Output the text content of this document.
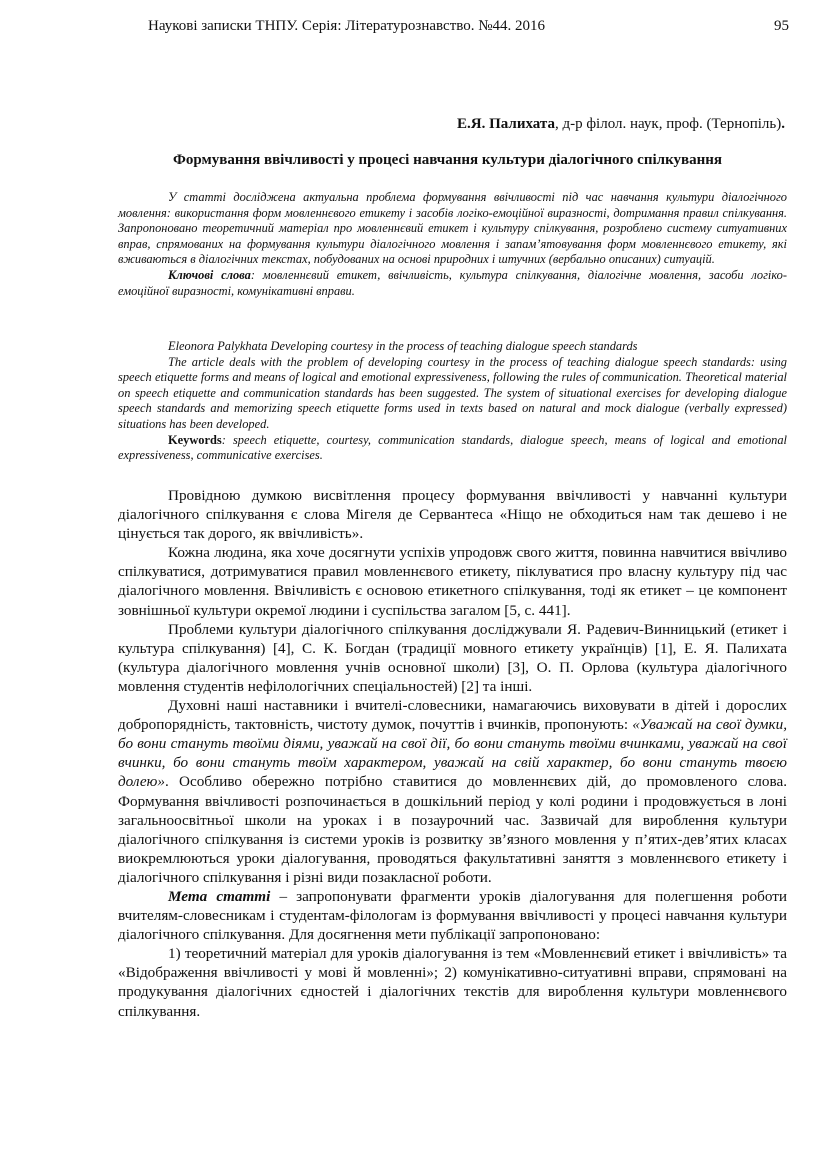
Наукові записки ТНПУ. Серія: Літературознавство. №44. 2016	95
Е.Я. Палихата, д-р філол. наук, проф. (Тернопіль).
Формування ввічливості у процесі навчання культури діалогічного спілкування

У статті досліджена актуальна проблема формування ввічливості під час навчання культури діалогічного мовлення: використання форм мовленнєвого етикету і засобів логіко-емоційної виразності, дотримання правил спілкування. Запропоновано теоретичний матеріал про мовленнєвий етикет і культуру спілкування, розроблено систему ситуативних вправ, спрямованих на формування культури діалогічного мовлення і запам’ятовування форм мовленнєвого етикету, які вживаються в діалогічних текстах, побудованих на основі природних і штучних (вербально описаних) ситуацій.

Ключові слова: мовленнєвий етикет, ввічливість, культура спілкування, діалогічне мовлення, засоби логіко-емоційної виразності, комунікативні вправи.

Eleonora Palykhata Developing courtesy in the process of teaching dialogue speech standards

The article deals with the problem of developing courtesy in the process of teaching dialogue speech standards: using speech etiquette forms and means of logical and emotional expressiveness, following the rules of communication. Theoretical material on speech etiquette and communication standards has been suggested. The system of situational exercises for developing dialogue speech standards and memorizing speech etiquette forms used in texts based on natural and mock dialogue (verbally expressed) situations has been developed.

Keywords: speech etiquette, courtesy, communication standards, dialogue speech, means of logical and emotional expressiveness, communicative exercises.

Провідною думкою висвітлення процесу формування ввічливості у навчанні культури діалогічного спілкування є слова Мігеля де Сервантеса «Ніщо не обходиться нам так дешево і не цінується так дорого, як ввічливість».

Кожна людина, яка хоче досягнути успіхів упродовж свого життя, повинна навчитися ввічливо спілкуватися, дотримуватися правил мовленнєвого етикету, піклуватися про власну культуру під час діалогічного мовлення. Ввічливість є основою етикетного спілкування, тоді як етикет – це компонент зовнішньої культури окремої людини і суспільства загалом [5, с. 441].

Проблеми культури діалогічного спілкування досліджували Я. Радевич-Винницький (етикет і культура спілкування) [4], С. К. Богдан (традиції мовного етикету українців) [1], Е. Я. Палихата (культура діалогічного мовлення учнів основної школи) [3], О. П. Орлова (культура діалогічного мовлення студентів нефілологічних спеціальностей) [2] та інші.

Духовні наші наставники і вчителі-словесники, намагаючись виховувати в дітей і дорослих добропорядність, тактовність, чистоту думок, почуттів і вчинків, пропонують: «Уважай на свої думки, бо вони стануть твоїми діями, уважай на свої дії, бо вони стануть твоїми вчинками, уважай на свої вчинки, бо вони стануть твоїм характером, уважай на свій характер, бо вони стануть твоєю долею». Особливо обережно потрібно ставитися до мовленнєвих дій, до промовленого слова. Формування ввічливості розпочинається в дошкільний період у колі родини і продовжується в лоні загальноосвітньої школи на уроках і в позаурочний час. Зазвичай для вироблення культури діалогічного спілкування із системи уроків із розвитку зв’язного мовлення у п’ятих-дев’ятих класах виокремлюються уроки діалогування, проводяться факультативні заняття з мовленнєвого етикету і діалогічного спілкування і різні види позакласної роботи.

Мета статті – запропонувати фрагменти уроків діалогування для полегшення роботи вчителям-словесникам і студентам-філологам із формування ввічливості у процесі навчання культури діалогічного спілкування. Для досягнення мети публікації запропоновано:

1) теоретичний матеріал для уроків діалогування із тем «Мовленнєвий етикет і ввічливість» та «Відображення ввічливості у мові й мовленні»; 2) комунікативно-ситуативні вправи, спрямовані на продукування діалогічних єдностей і діалогічних текстів для вироблення культури мовленнєвого спілкування.
